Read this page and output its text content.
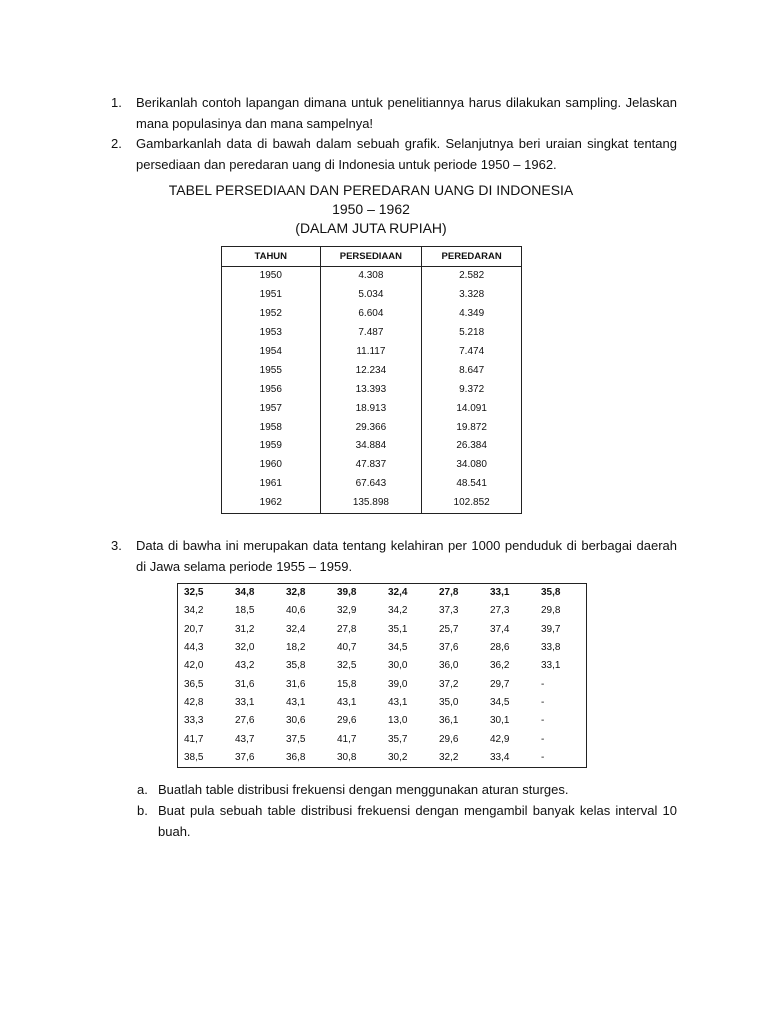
1.	Berikanlah contoh lapangan dimana untuk penelitiannya harus dilakukan sampling. Jelaskan mana populasinya dan mana sampelnya!
2.	Gambarkanlah data di bawah dalam sebuah grafik. Selanjutnya beri uraian singkat tentang persediaan dan peredaran uang di Indonesia untuk periode 1950 – 1962.
TABEL PERSEDIAAN DAN PEREDARAN UANG DI INDONESIA
1950 – 1962
(DALAM JUTA RUPIAH)
TAHUN	PERSEDIAAN	PEREDARAN
1950	4.308	2.582
1951	5.034	3.328
1952	6.604	4.349
1953	7.487	5.218
1954	11.117	7.474
1955	12.234	8.647
1956	13.393	9.372
1957	18.913	14.091
1958	29.366	19.872
1959	34.884	26.384
1960	47.837	34.080
1961	67.643	48.541
1962	135.898	102.852
3.	Data di bawha ini merupakan data tentang kelahiran per 1000 penduduk di berbagai daerah di Jawa selama periode 1955 – 1959.
32,5	34,8	32,8	39,8	32,4	27,8	33,1	35,8
34,2	18,5	40,6	32,9	34,2	37,3	27,3	29,8
20,7	31,2	32,4	27,8	35,1	25,7	37,4	39,7
44,3	32,0	18,2	40,7	34,5	37,6	28,6	33,8
42,0	43,2	35,8	32,5	30,0	36,0	36,2	33,1
36,5	31,6	31,6	15,8	39,0	37,2	29,7	-
42,8	33,1	43,1	43,1	43,1	35,0	34,5	-
33,3	27,6	30,6	29,6	13,0	36,1	30,1	-
41,7	43,7	37,5	41,7	35,7	29,6	42,9	-
38,5	37,6	36,8	30,8	30,2	32,2	33,4	-
a. Buatlah table distribusi frekuensi dengan menggunakan aturan sturges.
b. Buat pula sebuah table distribusi frekuensi dengan mengambil banyak kelas interval 10 buah.
